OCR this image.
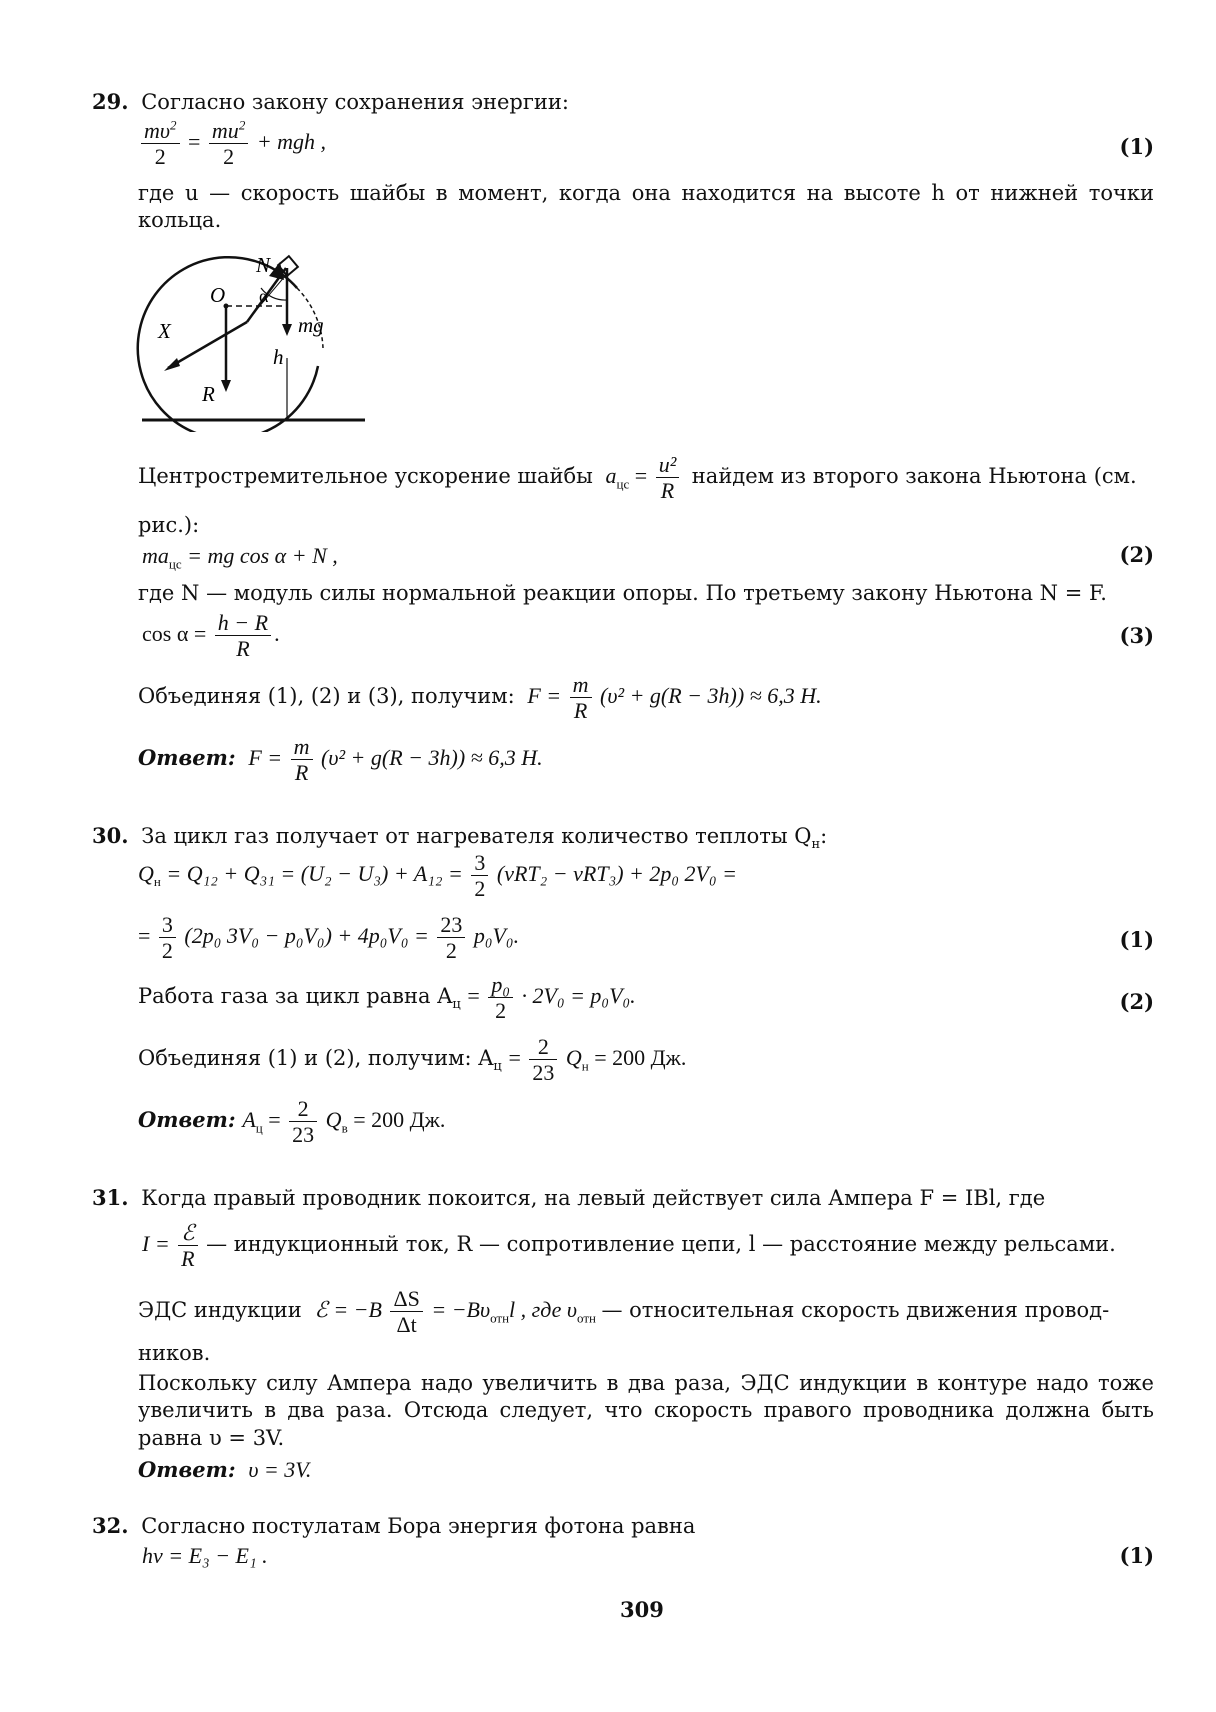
29. Согласно закону сохранения энергии:
$\frac{m\upsilon^2}{2} = \frac{mu^2}{2}$ + mgh ,	(1)
где u — скорость шайбы в момент, когда она находится на высоте h от нижней точки кольца.
N
O α
X	mg
R
h
Центростремительное ускорение шайбы $a_{цс} = \frac{\text{u²}}{R}$ найдем из второго закона Ньютона (см.
рис.):
$ma_{цс}$ = mg cos α + N ,	(2)
где N — модуль силы нормальной реакции опоры. По третьему закону Ньютона N = F.
$\cos \alpha = \frac{h - R}{R}$ .	(3)
Объединяя (1), (2) и (3), получим: $F = \frac{m}{R} (\upsilon^2 + g(R - 3h)) \approx 6,3$ Н.
Ответ: $F = \frac{m}{R} (\upsilon^2 + g(R - 3h)) \approx 6,3$ Н.
30. За цикл газ получает от нагревателя количество теплоты $Q_н$:
$Q_н = Q_{12} + Q_{31} = (U_2 - U_3) + A_{12} = \frac{3}{2} (\nu RT_2 - \nu RT_3) + 2p_0$ 2V₀ =
= $\frac{3}{2} (2p_0$ $3V_0 - p_0V_0) + 4p_0V_0 = \frac{23}{2} p_0V_0$.	(1)
Работа газа за цикл равна $A_ц = \frac{\text{p₀}}{2} \cdot 2V_0 = p_0V_0$.	(2)
Объединяя (1) и (2), получим: $A_ц = \frac{2}{23} Q_н = 200$ Дж.
Ответ: $A_ц = \frac{2}{23} Q_в = 200$ Дж.
31. Когда правый проводник покоится, на левый действует сила Ампера F = IBl, где
$I = \frac{\text{ℰ}}{R}$ — индукционный ток, R — сопротивление цепи, l — расстояние между рельсами.
ЭДС индукции ℰ = $-B \frac{\Delta S}{\Delta t} = -B\upsilon_{отн}l$ , где $\upsilon_{отн}$ — относительная скорость движения провод-
ников.
Поскольку силу Ампера надо увеличить в два раза, ЭДС индукции в контуре надо тоже увеличить в два раза. Отсюда следует, что скорость правого проводника должна быть равна υ = 3V.
Ответ: υ = 3V.
32. Согласно постулатам Бора энергия фотона равна
hν = E₃ − E₁ .	(1)
309
